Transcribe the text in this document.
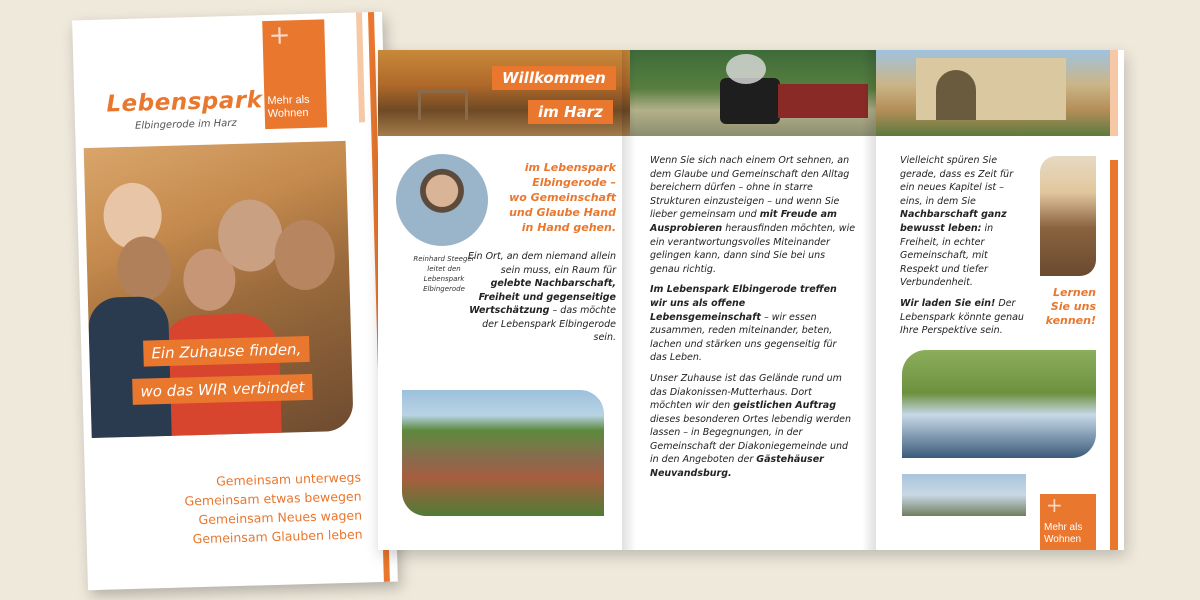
+
Mehr als
Wohnen
Lebenspark
Elbingerode im Harz
Ein Zuhause finden,
wo das WIR verbindet
Gemeinsam unterwegs
Gemeinsam etwas bewegen
Gemeinsam Neues wagen
Gemeinsam Glauben leben
Willkommen
im Harz
Reinhard Steeger
leitet den
Lebenspark
Elbingerode
im Lebenspark
Elbingerode –
wo Gemeinschaft
und Glaube Hand
in Hand gehen.
Ein Ort, an dem niemand allein sein muss, ein Raum für gelebte Nachbarschaft, Freiheit und gegenseitige Wertschätzung – das möchte der Lebenspark Elbingerode sein.

Wenn Sie sich nach einem Ort sehnen, an dem Glaube und Gemeinschaft den Alltag bereichern dürfen – ohne in starre Strukturen einzusteigen – und wenn Sie lieber gemeinsam und mit Freude am Ausprobieren herausfinden möchten, wie ein verantwortungsvolles Miteinander gelingen kann, dann sind Sie bei uns genau richtig.

Im Lebenspark Elbingerode treffen wir uns als offene Lebensgemeinschaft – wir essen zusammen, reden miteinander, beten, lachen und stärken uns gegenseitig für das Leben.

Unser Zuhause ist das Gelände rund um das Diakonissen-Mutterhaus. Dort möchten wir den geistlichen Auftrag dieses besonderen Ortes lebendig werden lassen – in Begegnungen, in der Gemeinschaft der Diakoniegemeinde und in den Angeboten der Gästehäuser Neuvandsburg.

Vielleicht spüren Sie gerade, dass es Zeit für ein neues Kapitel ist – eins, in dem Sie Nachbarschaft ganz bewusst leben: in Freiheit, in echter Gemeinschaft, mit Respekt und tiefer Verbundenheit.

Wir laden Sie ein! Der Lebenspark könnte genau Ihre Perspektive sein.

Lernen
Sie uns
kennen!
+
Mehr als
Wohnen
